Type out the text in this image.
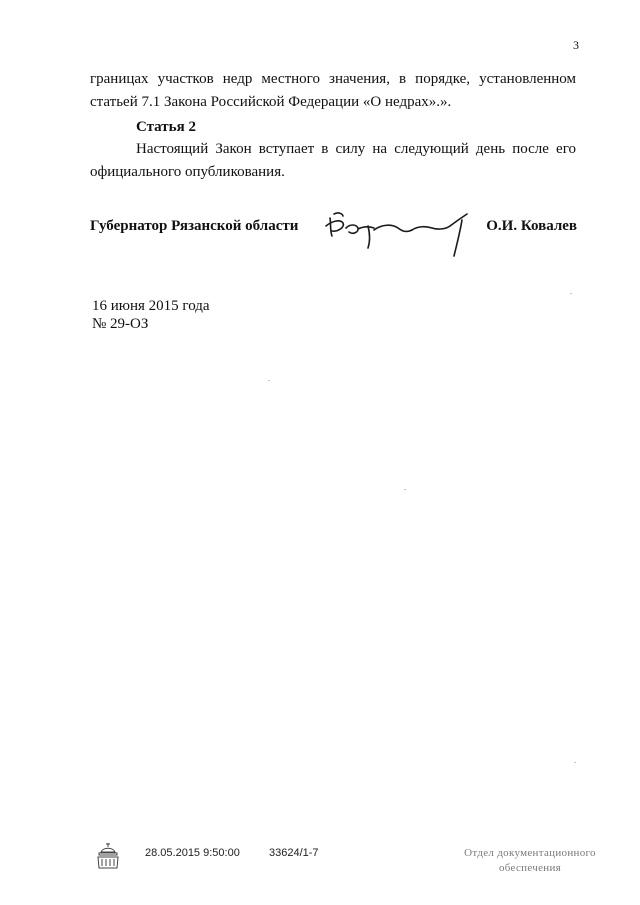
3
границах участков недр местного значения, в порядке, установленном статьей 7.1 Закона Российской Федерации «О недрах».».
Статья 2
Настоящий Закон вступает в силу на следующий день после его официального опубликования.
Губернатор Рязанской области	О.И. Ковалев
16 июня 2015 года
№ 29-ОЗ
28.05.2015 9:50:00	33624/1-7	Отдел документационного
обеспечения
